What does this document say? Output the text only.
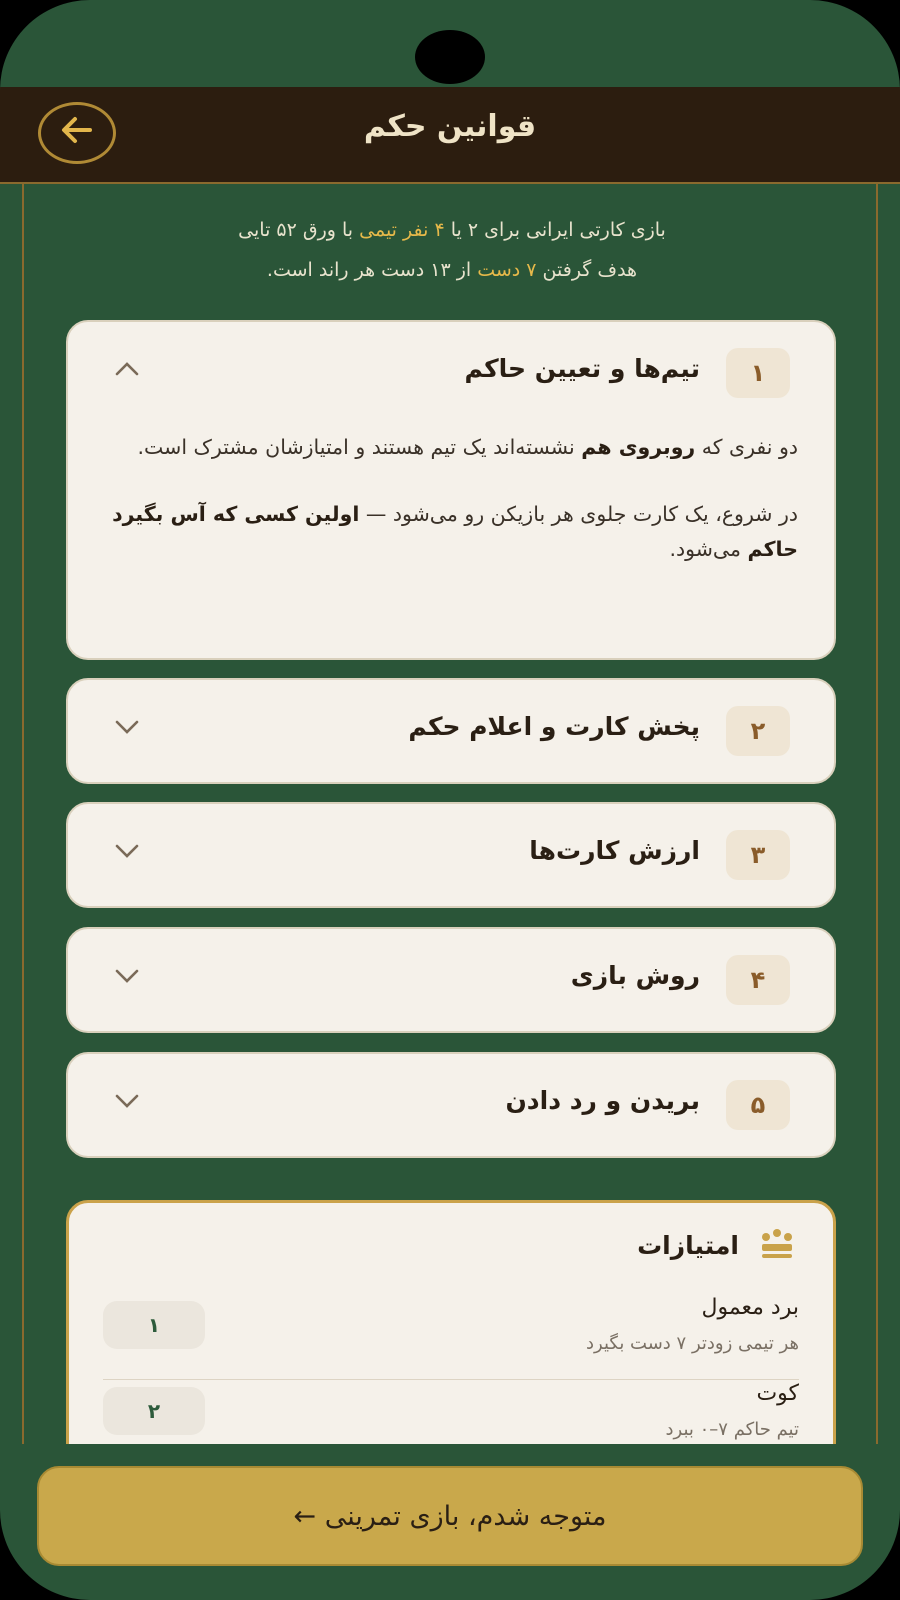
قوانین حکم
بازی کارتی ایرانی برای ۲ یا ۴ نفر تیمی با ورق ۵۲ تایی
هدف گرفتن ۷ دست از ۱۳ دست هر راند است.
۱
تیم‌ها و تعیین حاکم

دو نفری که روبروی هم نشسته‌اند یک تیم هستند و امتیازشان مشترک است.

در شروع، یک کارت جلوی هر بازیکن رو می‌شود — اولین کسی که آس بگیرد حاکم می‌شود.

۲
پخش کارت و اعلام حکم
۳
ارزش کارت‌ها
۴
روش بازی
۵
بریدن و رد دادن
امتیازات
برد معمول
هر تیمی زودتر ۷ دست بگیرد
۱
کوت
تیم حاکم ۷–۰ ببرد
۲
متوجه شدم، بازی تمرینی ←
